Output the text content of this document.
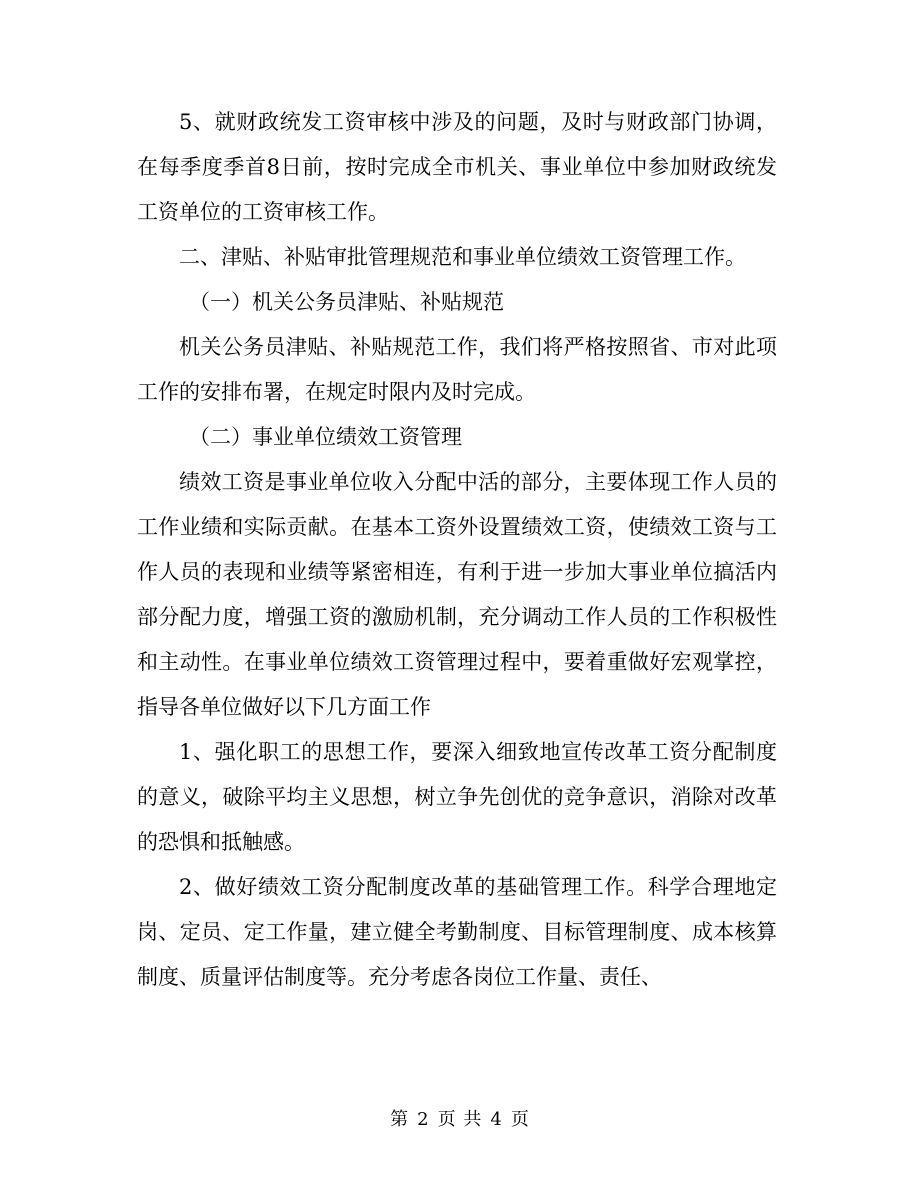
5、就财政统发工资审核中涉及的问题，及时与财政部门协调，在每季度季首8日前，按时完成全市机关、事业单位中参加财政统发工资单位的工资审核工作。

二、津贴、补贴审批管理规范和事业单位绩效工资管理工作。

（一）机关公务员津贴、补贴规范

机关公务员津贴、补贴规范工作，我们将严格按照省、市对此项工作的安排布署，在规定时限内及时完成。

（二）事业单位绩效工资管理

绩效工资是事业单位收入分配中活的部分，主要体现工作人员的工作业绩和实际贡献。在基本工资外设置绩效工资，使绩效工资与工作人员的表现和业绩等紧密相连，有利于进一步加大事业单位搞活内部分配力度，增强工资的激励机制，充分调动工作人员的工作积极性和主动性。在事业单位绩效工资管理过程中，要着重做好宏观掌控，指导各单位做好以下几方面工作

1、强化职工的思想工作，要深入细致地宣传改革工资分配制度的意义，破除平均主义思想，树立争先创优的竞争意识，消除对改革的恐惧和抵触感。

2、做好绩效工资分配制度改革的基础管理工作。科学合理地定岗、定员、定工作量，建立健全考勤制度、目标管理制度、成本核算制度、质量评估制度等。充分考虑各岗位工作量、责任、

第 2 页 共 4 页
